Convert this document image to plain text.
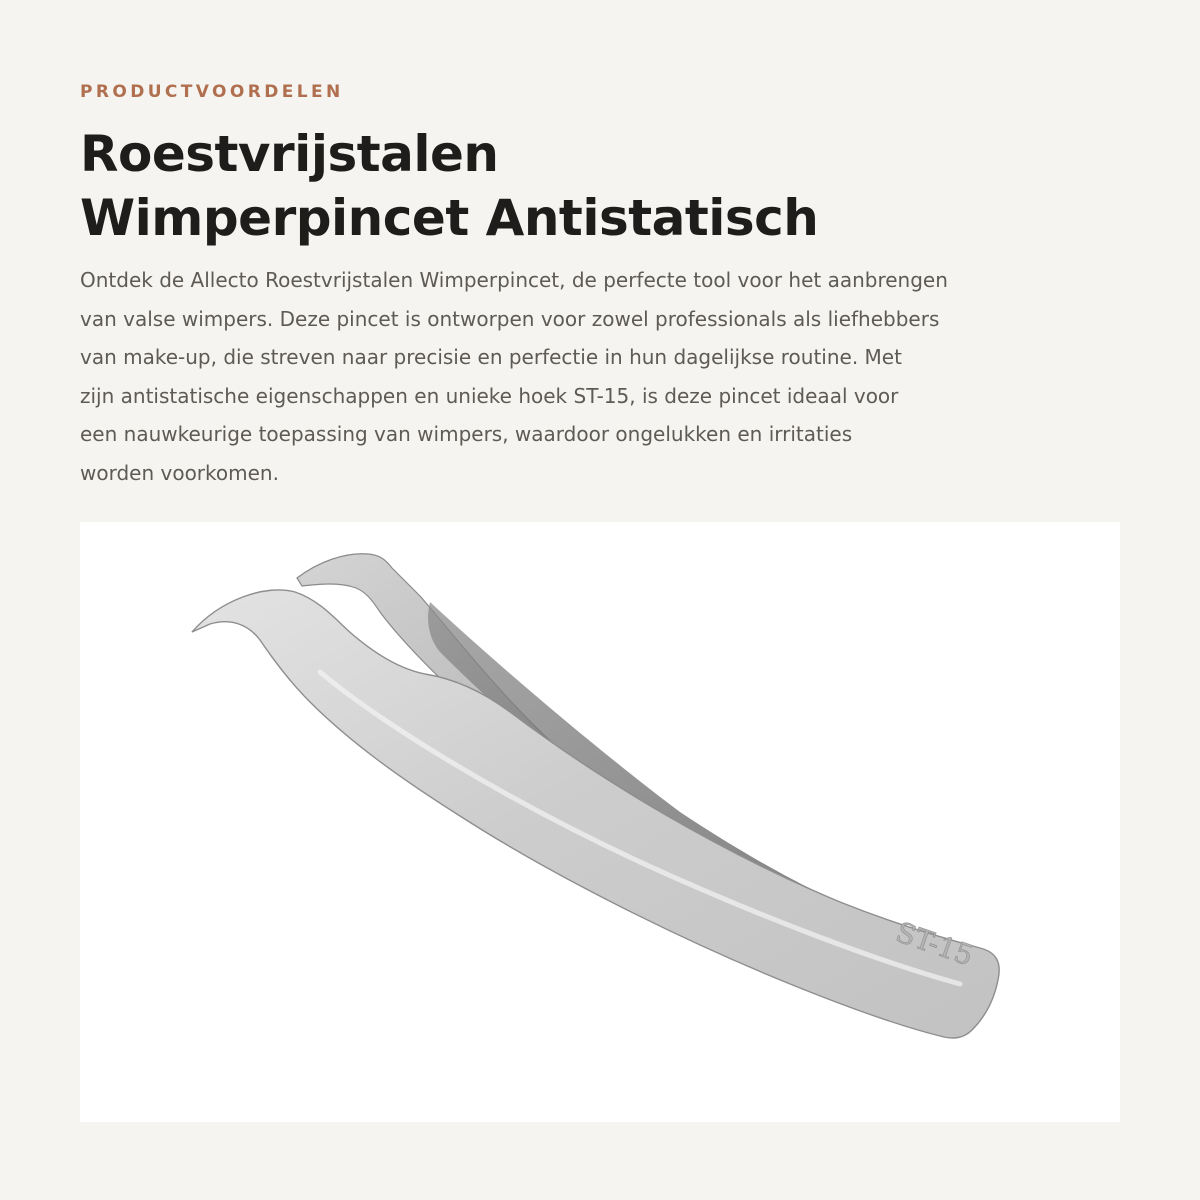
PRODUCTVOORDELEN

Roestvrijstalen
Wimperpincet Antistatisch
Ontdek de Allecto Roestvrijstalen Wimperpincet, de perfecte tool voor het aanbrengen
van valse wimpers. Deze pincet is ontworpen voor zowel professionals als liefhebbers
van make-up, die streven naar precisie en perfectie in hun dagelijkse routine. Met
zijn antistatische eigenschappen en unieke hoek ST-15, is deze pincet ideaal voor
een nauwkeurige toepassing van wimpers, waardoor ongelukken en irritaties
worden voorkomen.
ST-15
